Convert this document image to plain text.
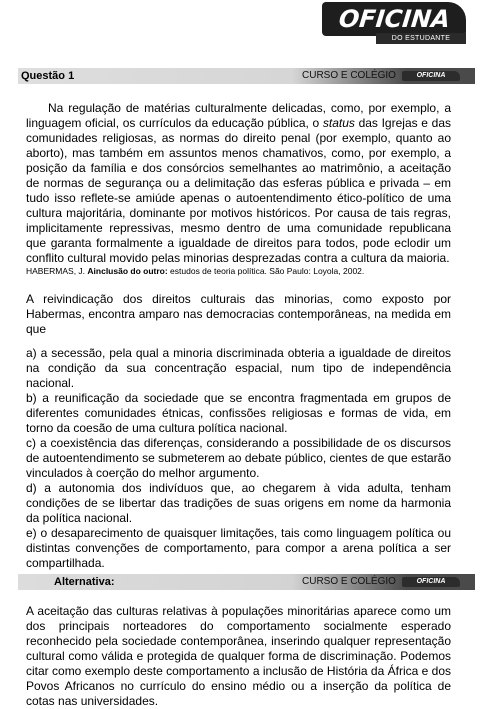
OFICINA
DO ESTUDANTE
Questão 1	CURSO E COLÉGIO	OFICINA
Na regulação de matérias culturalmente delicadas, como, por exemplo, a linguagem oficial, os currículos da educação pública, o status das Igrejas e das comunidades religiosas, as normas do direito penal (por exemplo, quanto ao aborto), mas também em assuntos menos chamativos, como, por exemplo, a posição da família e dos consórcios semelhantes ao matrimônio, a aceitação de normas de segurança ou a delimitação das esferas pública e privada – em tudo isso reflete-se amiúde apenas o autoentendimento ético-político de uma cultura majoritária, dominante por motivos históricos. Por causa de tais regras, implicitamente repressivas, mesmo dentro de uma comunidade republicana que garanta formalmente a igualdade de direitos para todos, pode eclodir um conflito cultural movido pelas minorias desprezadas contra a cultura da maioria.
HABERMAS, J. Ainclusão do outro: estudos de teoria política. São Paulo: Loyola, 2002.
A reivindicação dos direitos culturais das minorias, como exposto por Habermas, encontra amparo nas democracias contemporâneas, na medida em que

a) a secessão, pela qual a minoria discriminada obteria a igualdade de direitos na condição da sua concentração espacial, num tipo de independência nacional.

b) a reunificação da sociedade que se encontra fragmentada em grupos de diferentes comunidades étnicas, confissões religiosas e formas de vida, em torno da coesão de uma cultura política nacional.

c) a coexistência das diferenças, considerando a possibilidade de os discursos de autoentendimento se submeterem ao debate público, cientes de que estarão vinculados à coerção do melhor argumento.

d) a autonomia dos indivíduos que, ao chegarem à vida adulta, tenham condições de se libertar das tradições de suas origens em nome da harmonia da política nacional.

e) o desaparecimento de quaisquer limitações, tais como linguagem política ou distintas convenções de comportamento, para compor a arena política a ser compartilhada.

Alternativa:	CURSO E COLÉGIO	OFICINA
A aceitação das culturas relativas à populações minoritárias aparece como um dos principais norteadores do comportamento socialmente esperado reconhecido pela sociedade contemporânea, inserindo qualquer representação cultural como válida e protegida de qualquer forma de discriminação. Podemos citar como exemplo deste comportamento a inclusão de História da África e dos Povos Africanos no currículo do ensino médio ou a inserção da política de cotas nas universidades.
